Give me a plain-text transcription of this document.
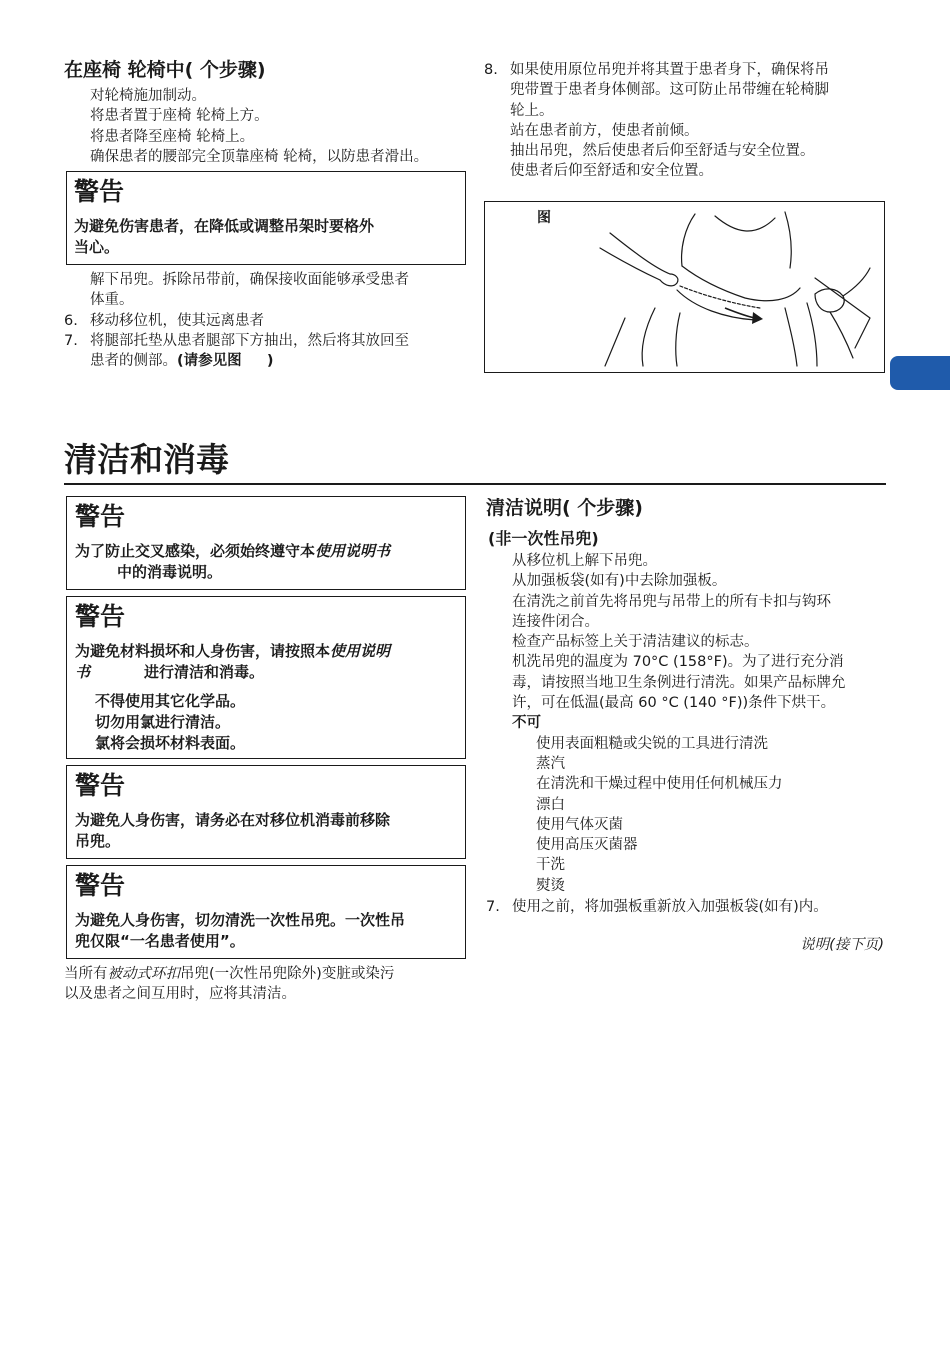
在座椅 轮椅中( 个步骤)
对轮椅施加制动。
将患者置于座椅 轮椅上方。
将患者降至座椅 轮椅上。
确保患者的腰部完全顶靠座椅 轮椅，以防患者滑出。
警告
为避免伤害患者，在降低或调整吊架时要格外
当心。
解下吊兜。拆除吊带前，确保接收面能够承受患者
体重。
6. 移动移位机，使其远离患者
7. 将腿部托垫从患者腿部下方抽出，然后将其放回至
患者的侧部。(请参见图     )
8. 如果使用原位吊兜并将其置于患者身下，确保将吊
兜带置于患者身体侧部。这可防止吊带缠在轮椅脚
轮上。
站在患者前方，使患者前倾。
抽出吊兜，然后使患者后仰至舒适与安全位置。
使患者后仰至舒适和安全位置。
图
清洁和消毒
警告
为了防止交叉感染，必须始终遵守本使用说明书
中的消毒说明。
警告
为避免材料损坏和人身伤害，请按照本使用说明
书	进行清洁和消毒。
不得使用其它化学品。
切勿用氯进行清洁。
氯将会损坏材料表面。
警告
为避免人身伤害，请务必在对移位机消毒前移除
吊兜。
警告
为避免人身伤害，切勿清洗一次性吊兜。一次性吊
兜仅限“一名患者使用”。
当所有被动式环扣吊兜(一次性吊兜除外)变脏或染污
以及患者之间互用时，应将其清洁。
清洁说明( 个步骤)
(非一次性吊兜)
从移位机上解下吊兜。
从加强板袋(如有)中去除加强板。
在清洗之前首先将吊兜与吊带上的所有卡扣与钩环
连接件闭合。
检查产品标签上关于清洁建议的标志。
机洗吊兜的温度为 70°C (158°F)。为了进行充分消
毒，请按照当地卫生条例进行清洗。如果产品标牌允
许，可在低温(最高 60 °C (140 °F))条件下烘干。
不可
使用表面粗糙或尖锐的工具进行清洗
蒸汽
在清洗和干燥过程中使用任何机械压力
漂白
使用气体灭菌
使用高压灭菌器
干洗
熨烫
7. 使用之前，将加强板重新放入加强板袋(如有)内。
说明(接下页)
